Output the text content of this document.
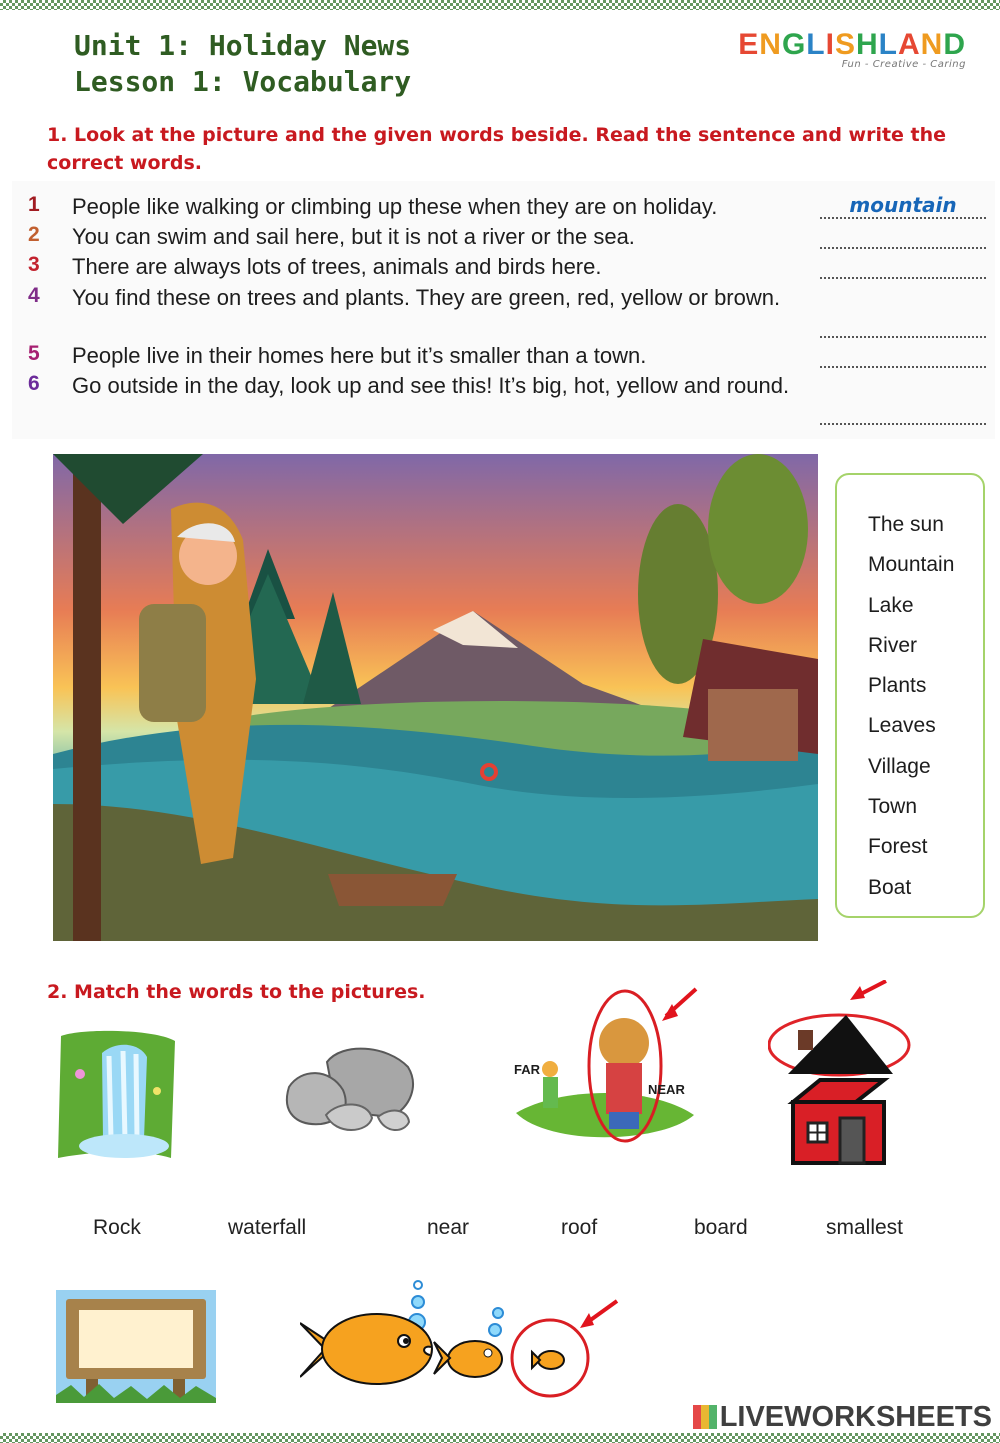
Unit 1: Holiday News
Lesson 1: Vocabulary
ENGLISHLAND
Fun - Creative - Caring
1. Look at the picture and the given words beside. Read the sentence and write the correct words.
1	People like walking or climbing up these when they are on holiday.	mountain
2	You can swim and sail here, but it is not a river or the sea.
3	There are always lots of trees, animals and birds here.
4	You find these on trees and plants. They are green, red, yellow or brown.
5	People live in their homes here but it’s smaller than a town.
6	Go outside in the day, look up and see this! It’s big, hot, yellow and round.
The sun
Mountain
Lake
River
Plants
Leaves
Village
Town
Forest
Boat
2. Match the words to the pictures.
FAR
NEAR
Rock	waterfall	near	roof	board	smallest
LIVEWORKSHEETS
